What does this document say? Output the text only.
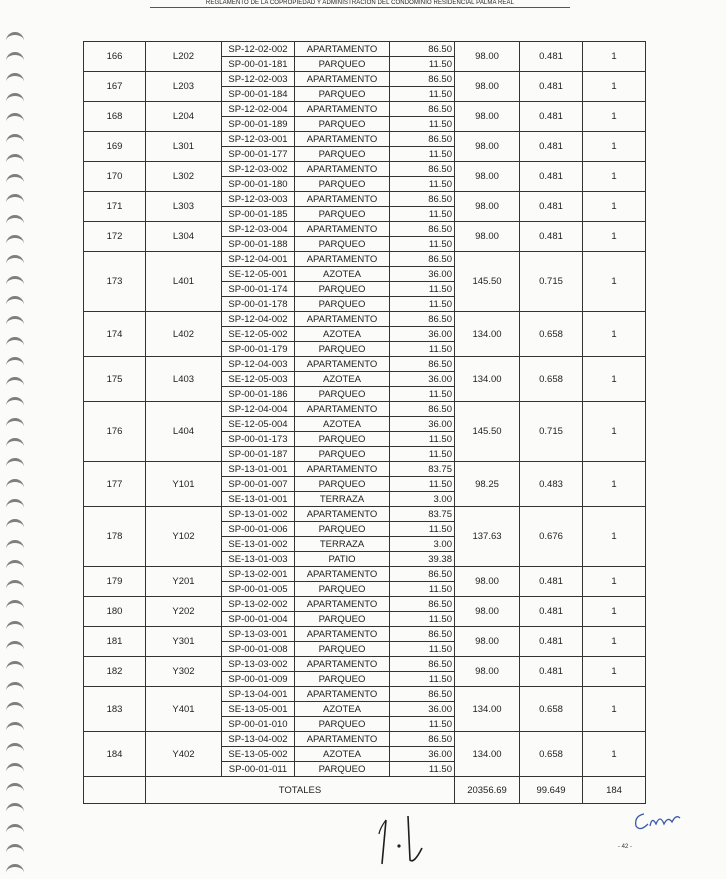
REGLAMENTO DE LA COPROPIEDAD Y ADMINISTRACIÓN DEL CONDOMINIO RESIDENCIAL PALMA REAL
166	L202	SP-12-02-002	APARTAMENTO	86.50	98.00	0.481	1
		SP-00-01-181	PARQUEO	11.50			
167	L203	SP-12-02-003	APARTAMENTO	86.50	98.00	0.481	1
		SP-00-01-184	PARQUEO	11.50			
168	L204	SP-12-02-004	APARTAMENTO	86.50	98.00	0.481	1
		SP-00-01-189	PARQUEO	11.50			
169	L301	SP-12-03-001	APARTAMENTO	86.50	98.00	0.481	1
		SP-00-01-177	PARQUEO	11.50			
170	L302	SP-12-03-002	APARTAMENTO	86.50	98.00	0.481	1
		SP-00-01-180	PARQUEO	11.50			
171	L303	SP-12-03-003	APARTAMENTO	86.50	98.00	0.481	1
		SP-00-01-185	PARQUEO	11.50			
172	L304	SP-12-03-004	APARTAMENTO	86.50	98.00	0.481	1
		SP-00-01-188	PARQUEO	11.50			
173	L401	SP-12-04-001	APARTAMENTO	86.50	145.50	0.715	1
		SE-12-05-001	AZOTEA	36.00			
		SP-00-01-174	PARQUEO	11.50			
		SP-00-01-178	PARQUEO	11.50			
174	L402	SP-12-04-002	APARTAMENTO	86.50	134.00	0.658	1
		SE-12-05-002	AZOTEA	36.00			
		SP-00-01-179	PARQUEO	11.50			
175	L403	SP-12-04-003	APARTAMENTO	86.50	134.00	0.658	1
		SE-12-05-003	AZOTEA	36.00			
		SP-00-01-186	PARQUEO	11.50			
176	L404	SP-12-04-004	APARTAMENTO	86.50	145.50	0.715	1
		SE-12-05-004	AZOTEA	36.00			
		SP-00-01-173	PARQUEO	11.50			
		SP-00-01-187	PARQUEO	11.50			
177	Y101	SP-13-01-001	APARTAMENTO	83.75	98.25	0.483	1
		SP-00-01-007	PARQUEO	11.50			
		SE-13-01-001	TERRAZA	3.00			
178	Y102	SP-13-01-002	APARTAMENTO	83.75	137.63	0.676	1
		SP-00-01-006	PARQUEO	11.50			
		SE-13-01-002	TERRAZA	3.00			
		SE-13-01-003	PATIO	39.38			
179	Y201	SP-13-02-001	APARTAMENTO	86.50	98.00	0.481	1
		SP-00-01-005	PARQUEO	11.50			
180	Y202	SP-13-02-002	APARTAMENTO	86.50	98.00	0.481	1
		SP-00-01-004	PARQUEO	11.50			
181	Y301	SP-13-03-001	APARTAMENTO	86.50	98.00	0.481	1
		SP-00-01-008	PARQUEO	11.50			
182	Y302	SP-13-03-002	APARTAMENTO	86.50	98.00	0.481	1
		SP-00-01-009	PARQUEO	11.50			
183	Y401	SP-13-04-001	APARTAMENTO	86.50	134.00	0.658	1
		SE-13-05-001	AZOTEA	36.00			
		SP-00-01-010	PARQUEO	11.50			
184	Y402	SP-13-04-002	APARTAMENTO	86.50	134.00	0.658	1
		SE-13-05-002	AZOTEA	36.00			
		SP-00-01-011	PARQUEO	11.50			
	TOTALES				20356.69	99.649	184
- 42 -
